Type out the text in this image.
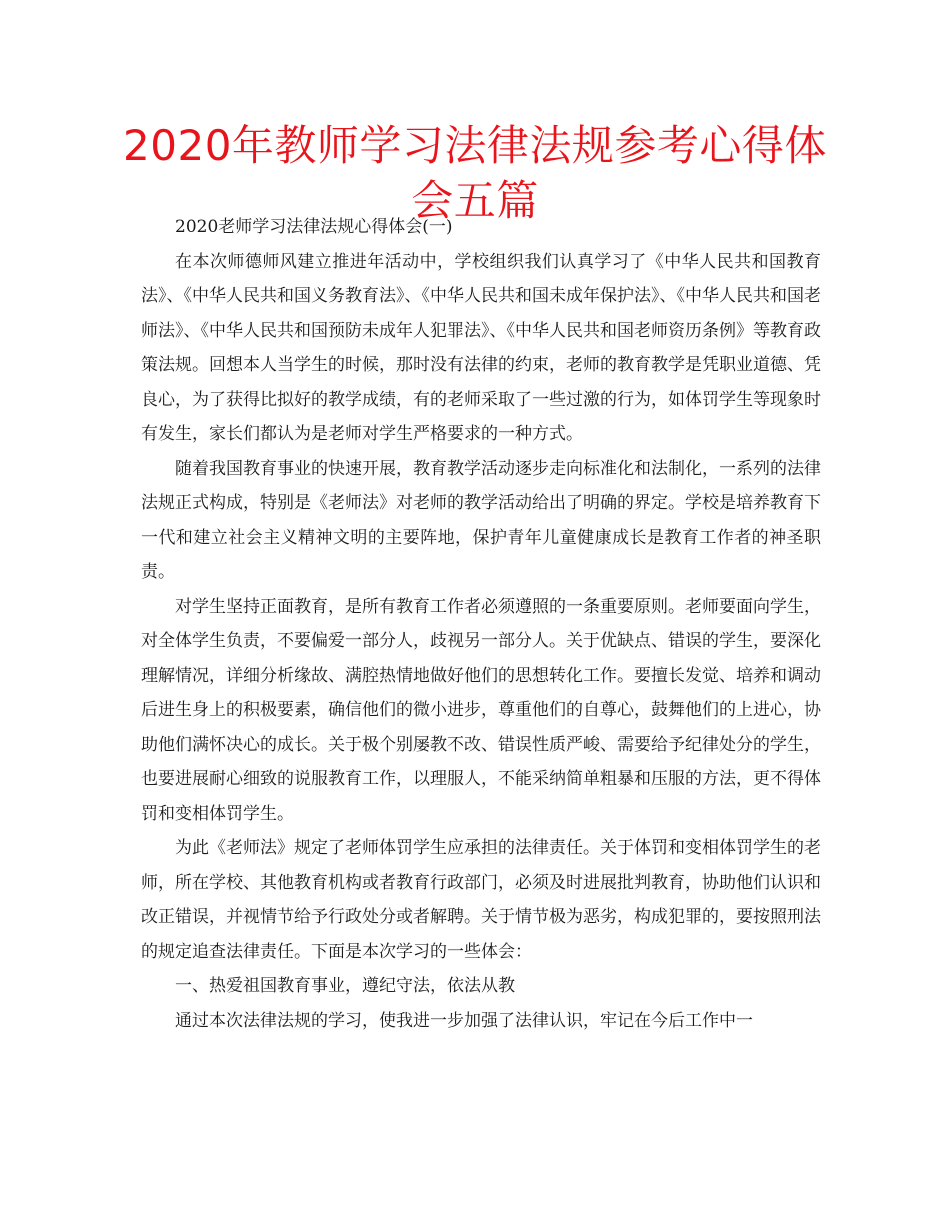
2020年教师学习法律法规参考心得体会五篇

2020老师学习法律法规心得体会(一)

在本次师德师风建立推进年活动中，学校组织我们认真学习了《中华人民共和国教育法》、《中华人民共和国义务教育法》、《中华人民共和国未成年保护法》、《中华人民共和国老师法》、《中华人民共和国预防未成年人犯罪法》、《中华人民共和国老师资历条例》等教育政策法规。回想本人当学生的时候，那时没有法律的约束，老师的教育教学是凭职业道德、凭良心，为了获得比拟好的教学成绩，有的老师采取了一些过激的行为，如体罚学生等现象时有发生，家长们都认为是老师对学生严格要求的一种方式。

随着我国教育事业的快速开展，教育教学活动逐步走向标准化和法制化，一系列的法律法规正式构成，特别是《老师法》对老师的教学活动给出了明确的界定。学校是培养教育下一代和建立社会主义精神文明的主要阵地，保护青年儿童健康成长是教育工作者的神圣职责。

对学生坚持正面教育，是所有教育工作者必须遵照的一条重要原则。老师要面向学生，对全体学生负责，不要偏爱一部分人，歧视另一部分人。关于优缺点、错误的学生，要深化理解情况，详细分析缘故、满腔热情地做好他们的思想转化工作。要擅长发觉、培养和调动后进生身上的积极要素，确信他们的微小进步，尊重他们的自尊心，鼓舞他们的上进心，协助他们满怀决心的成长。关于极个别屡教不改、错误性质严峻、需要给予纪律处分的学生，也要进展耐心细致的说服教育工作，以理服人，不能采纳简单粗暴和压服的方法，更不得体罚和变相体罚学生。

为此《老师法》规定了老师体罚学生应承担的法律责任。关于体罚和变相体罚学生的老师，所在学校、其他教育机构或者教育行政部门，必须及时进展批判教育，协助他们认识和改正错误，并视情节给予行政处分或者解聘。关于情节极为恶劣，构成犯罪的，要按照刑法的规定追查法律责任。下面是本次学习的一些体会：

一、热爱祖国教育事业，遵纪守法，依法从教

通过本次法律法规的学习，使我进一步加强了法律认识，牢记在今后工作中一
